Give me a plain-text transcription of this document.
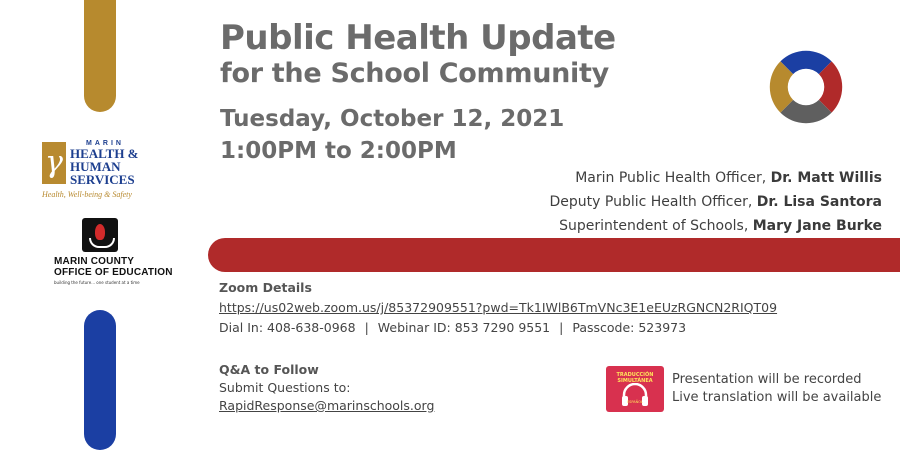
γ
MARIN
HEALTH &
HUMAN
SERVICES
Health, Well-being & Safety
MARIN COUNTY
OFFICE OF EDUCATION
building the future... one student at a time
Public Health Update
for the School Community
Tuesday, October 12, 2021
1:00PM to 2:00PM
Marin Public Health Officer, Dr. Matt Willis
Deputy Public Health Officer, Dr. Lisa Santora
Superintendent of Schools, Mary Jane Burke
Zoom Details
https://us02web.zoom.us/j/85372909551?pwd=Tk1IWlB6TmVNc3E1eEUzRGNCN2RIQT09
Dial In: 408-638-0968 | Webinar ID: 853 7290 9551 | Passcode: 523973
Q&A to Follow
Submit Questions to:
RapidResponse@marinschools.org
TRADUCCIÓN
SIMULTÁNEA
ESPAÑOL
Presentation will be recorded
Live translation will be available
